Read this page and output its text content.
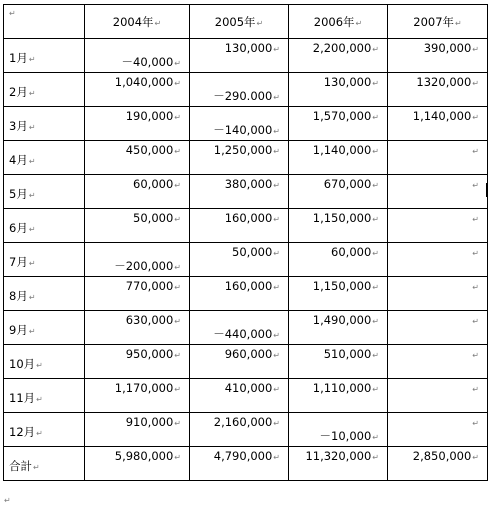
↵	2004年↵	2005年↵	2006年↵	2007年↵

1月↵	－40,000↵	130,000↵	2,200,000↵	390,000↵

2月↵	1,040,000↵	－290.000↵	130,000↵	1320,000↵

3月↵	190,000↵	－140,000↵	1,570,000↵	1,140,000↵

4月↵	450,000↵	1,250,000↵	1,140,000↵	↵

5月↵	60,000↵	380,000↵	670,000↵	↵

6月↵	50,000↵	160,000↵	1,150,000↵	↵

7月↵	－200,000↵	50,000↵	60,000↵	↵

8月↵	770,000↵	160,000↵	1,150,000↵	↵

9月↵	630,000↵	－440,000↵	1,490,000↵	↵

10月↵	950,000↵	960,000↵	510,000↵	↵

11月↵	1,170,000↵	410,000↵	1,110,000↵	↵

12月↵	910,000↵	2,160,000↵	－10,000↵	↵

合計↵	5,980,000↵	4,790,000↵	11,320,000↵	2,850,000↵
↵
